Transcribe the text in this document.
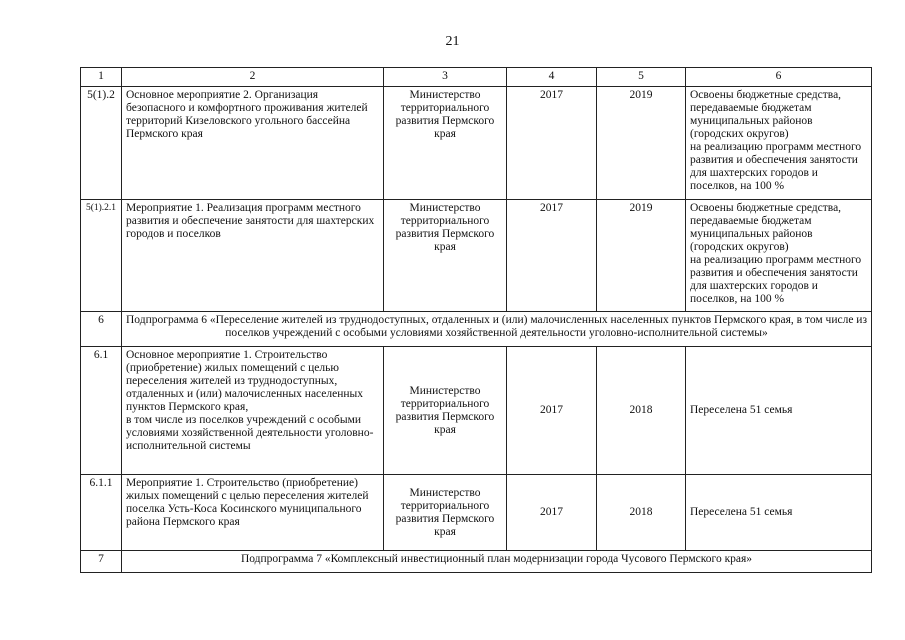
21
1	2	3	4	5	6
5(1).2	Основное мероприятие 2. Организация безопасного и комфортного проживания жителей территорий Кизеловского угольного бассейна Пермского края	Министерство территориального развития Пермского края	2017	2019	Освоены бюджетные средства, передаваемые бюджетам муниципальных районов (городских округов)
на реализацию программ местного развития и обеспечения занятости для шахтерских городов и поселков, на 100 %

5(1).2.1	Мероприятие 1. Реализация программ местного развития и обеспечение занятости для шахтерских городов и поселков	Министерство территориального развития Пермского края	2017	2019	Освоены бюджетные средства, передаваемые бюджетам муниципальных районов (городских округов)
на реализацию программ местного развития и обеспечения занятости для шахтерских городов и поселков, на 100 %

6	Подпрограмма 6 «Переселение жителей из труднодоступных, отдаленных и (или) малочисленных населенных пунктов Пермского края, в том числе из поселков учреждений с особыми условиями хозяйственной деятельности уголовно-исполнительной системы»				
6.1	Основное мероприятие 1. Строительство (приобретение) жилых помещений с целью переселения жителей из труднодоступных, отдаленных и (или) малочисленных населенных пунктов Пермского края,
в том числе из поселков учреждений с особыми условиями хозяйственной деятельности уголовно-исполнительной системы	Министерство территориального развития Пермского края	2017	2018	Переселена 51 семья
6.1.1	Мероприятие 1. Строительство (приобретение) жилых помещений с целью переселения жителей поселка Усть-Коса Косинского муниципального района Пермского края	Министерство территориального развития Пермского края	2017	2018	Переселена 51 семья
7	Подпрограмма 7 «Комплексный инвестиционный план модернизации города Чусового Пермского края»				
